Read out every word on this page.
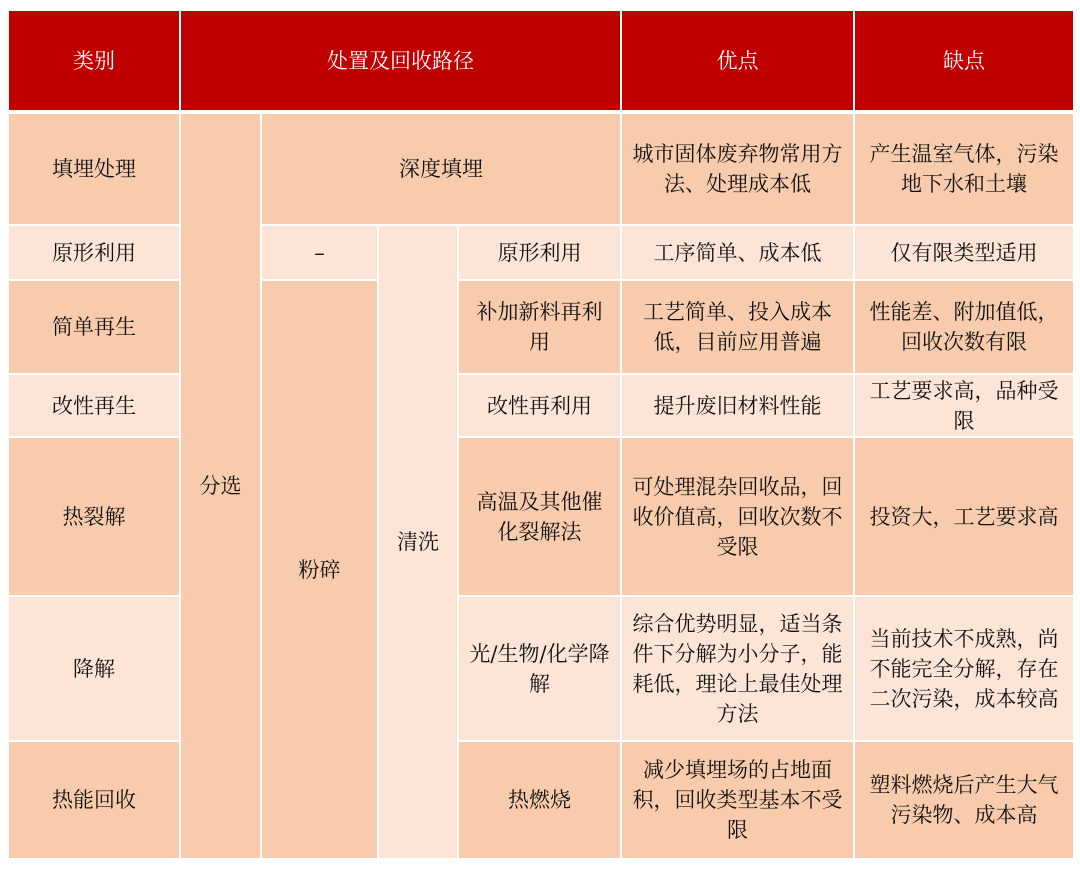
类别	处置及回收路径				优点	缺点
填埋处理	分选	深度填埋			城市固体废弃物常用方法、处理成本低	产生温室气体，污染地下水和土壤
原形利用		–	清洗	原形利用	工序简单、成本低	仅有限类型适用
简单再生		粉碎		补加新料再利用	工艺简单、投入成本低，目前应用普遍	性能差、附加值低，回收次数有限
改性再生				改性再利用	提升废旧材料性能	工艺要求高，品种受限
热裂解				高温及其他催化裂解法	可处理混杂回收品，回收价值高，回收次数不受限	投资大，工艺要求高
降解				光/生物/化学降解	综合优势明显，适当条件下分解为小分子，能耗低，理论上最佳处理方法	当前技术不成熟，尚不能完全分解，存在二次污染，成本较高
热能回收				热燃烧	减少填埋场的占地面积，回收类型基本不受限	塑料燃烧后产生大气污染物、成本高
